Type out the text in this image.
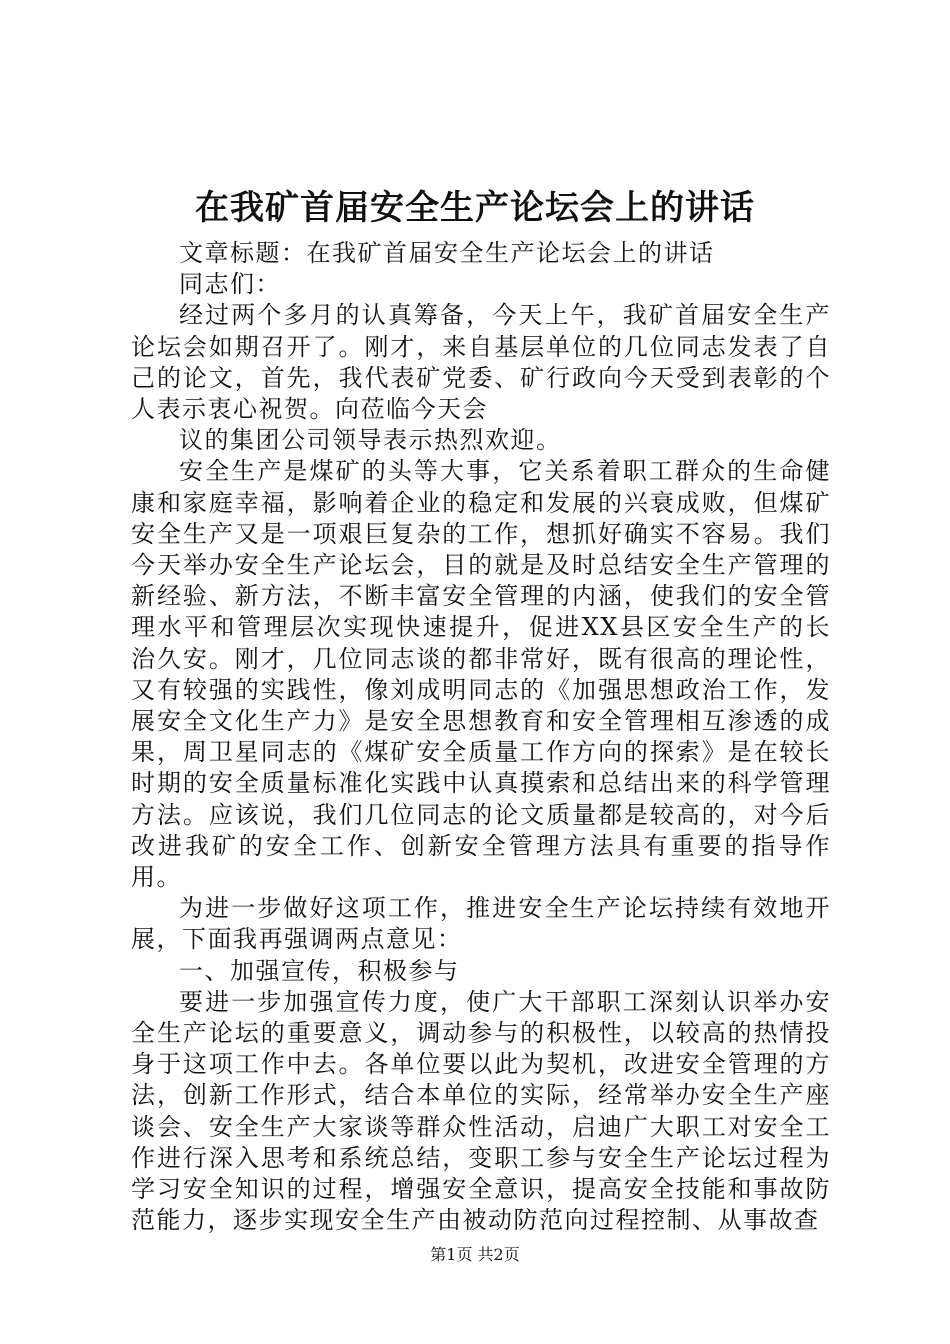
在我矿首届安全生产论坛会上的讲话

文章标题：在我矿首届安全生产论坛会上的讲话

同志们：

经过两个多月的认真筹备，今天上午，我矿首届安全生产论坛会如期召开了。刚才，来自基层单位的几位同志发表了自己的论文，首先，我代表矿党委、矿行政向今天受到表彰的个人表示衷心祝贺。向莅临今天会

议的集团公司领导表示热烈欢迎。

安全生产是煤矿的头等大事，它关系着职工群众的生命健康和家庭幸福，影响着企业的稳定和发展的兴衰成败，但煤矿安全生产又是一项艰巨复杂的工作，想抓好确实不容易。我们今天举办安全生产论坛会，目的就是及时总结安全生产管理的新经验、新方法，不断丰富安全管理的内涵，使我们的安全管理水平和管理层次实现快速提升，促进XX县区安全生产的长治久安。刚才，几位同志谈的都非常好，既有很高的理论性，又有较强的实践性，像刘成明同志的《加强思想政治工作，发展安全文化生产力》是安全思想教育和安全管理相互渗透的成果，周卫星同志的《煤矿安全质量工作方向的探索》是在较长时期的安全质量标准化实践中认真摸索和总结出来的科学管理方法。应该说，我们几位同志的论文质量都是较高的，对今后改进我矿的安全工作、创新安全管理方法具有重要的指导作用。

为进一步做好这项工作，推进安全生产论坛持续有效地开展，下面我再强调两点意见：

一、加强宣传，积极参与

要进一步加强宣传力度，使广大干部职工深刻认识举办安全生产论坛的重要意义，调动参与的积极性，以较高的热情投身于这项工作中去。各单位要以此为契机，改进安全管理的方法，创新工作形式，结合本单位的实际，经常举办安全生产座谈会、安全生产大家谈等群众性活动，启迪广大职工对安全工作进行深入思考和系统总结，变职工参与安全生产论坛过程为学习安全知识的过程，增强安全意识，提高安全技能和事故防范能力，逐步实现安全生产由被动防范向过程控制、从事故查

第1页 共2页
